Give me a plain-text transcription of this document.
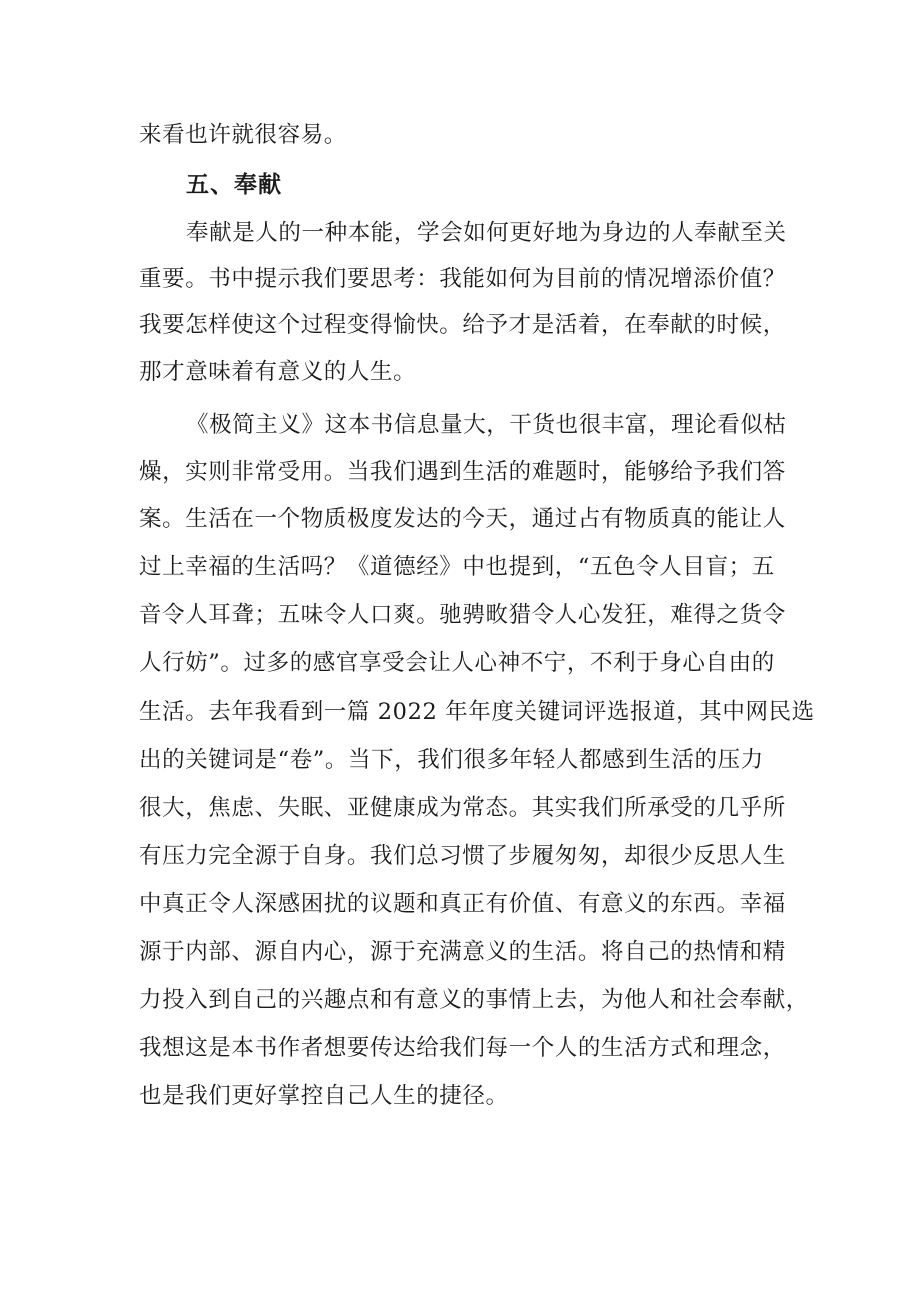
来看也许就很容易。
五、奉献
奉献是人的一种本能，学会如何更好地为身边的人奉献至关
重要。书中提示我们要思考：我能如何为目前的情况增添价值？
我要怎样使这个过程变得愉快。给予才是活着，在奉献的时候，
那才意味着有意义的人生。
《极简主义》这本书信息量大，干货也很丰富，理论看似枯
燥，实则非常受用。当我们遇到生活的难题时，能够给予我们答
案。生活在一个物质极度发达的今天，通过占有物质真的能让人
过上幸福的生活吗？《道德经》中也提到，“五色令人目盲；五
音令人耳聋；五味令人口爽。驰骋畋猎令人心发狂，难得之货令
人行妨”。过多的感官享受会让人心神不宁，不利于身心自由的
生活。去年我看到一篇 2022 年年度关键词评选报道，其中网民选
出的关键词是“卷”。当下，我们很多年轻人都感到生活的压力
很大，焦虑、失眠、亚健康成为常态。其实我们所承受的几乎所
有压力完全源于自身。我们总习惯了步履匆匆，却很少反思人生
中真正令人深感困扰的议题和真正有价值、有意义的东西。幸福
源于内部、源自内心，源于充满意义的生活。将自己的热情和精
力投入到自己的兴趣点和有意义的事情上去，为他人和社会奉献，
我想这是本书作者想要传达给我们每一个人的生活方式和理念，
也是我们更好掌控自己人生的捷径。
